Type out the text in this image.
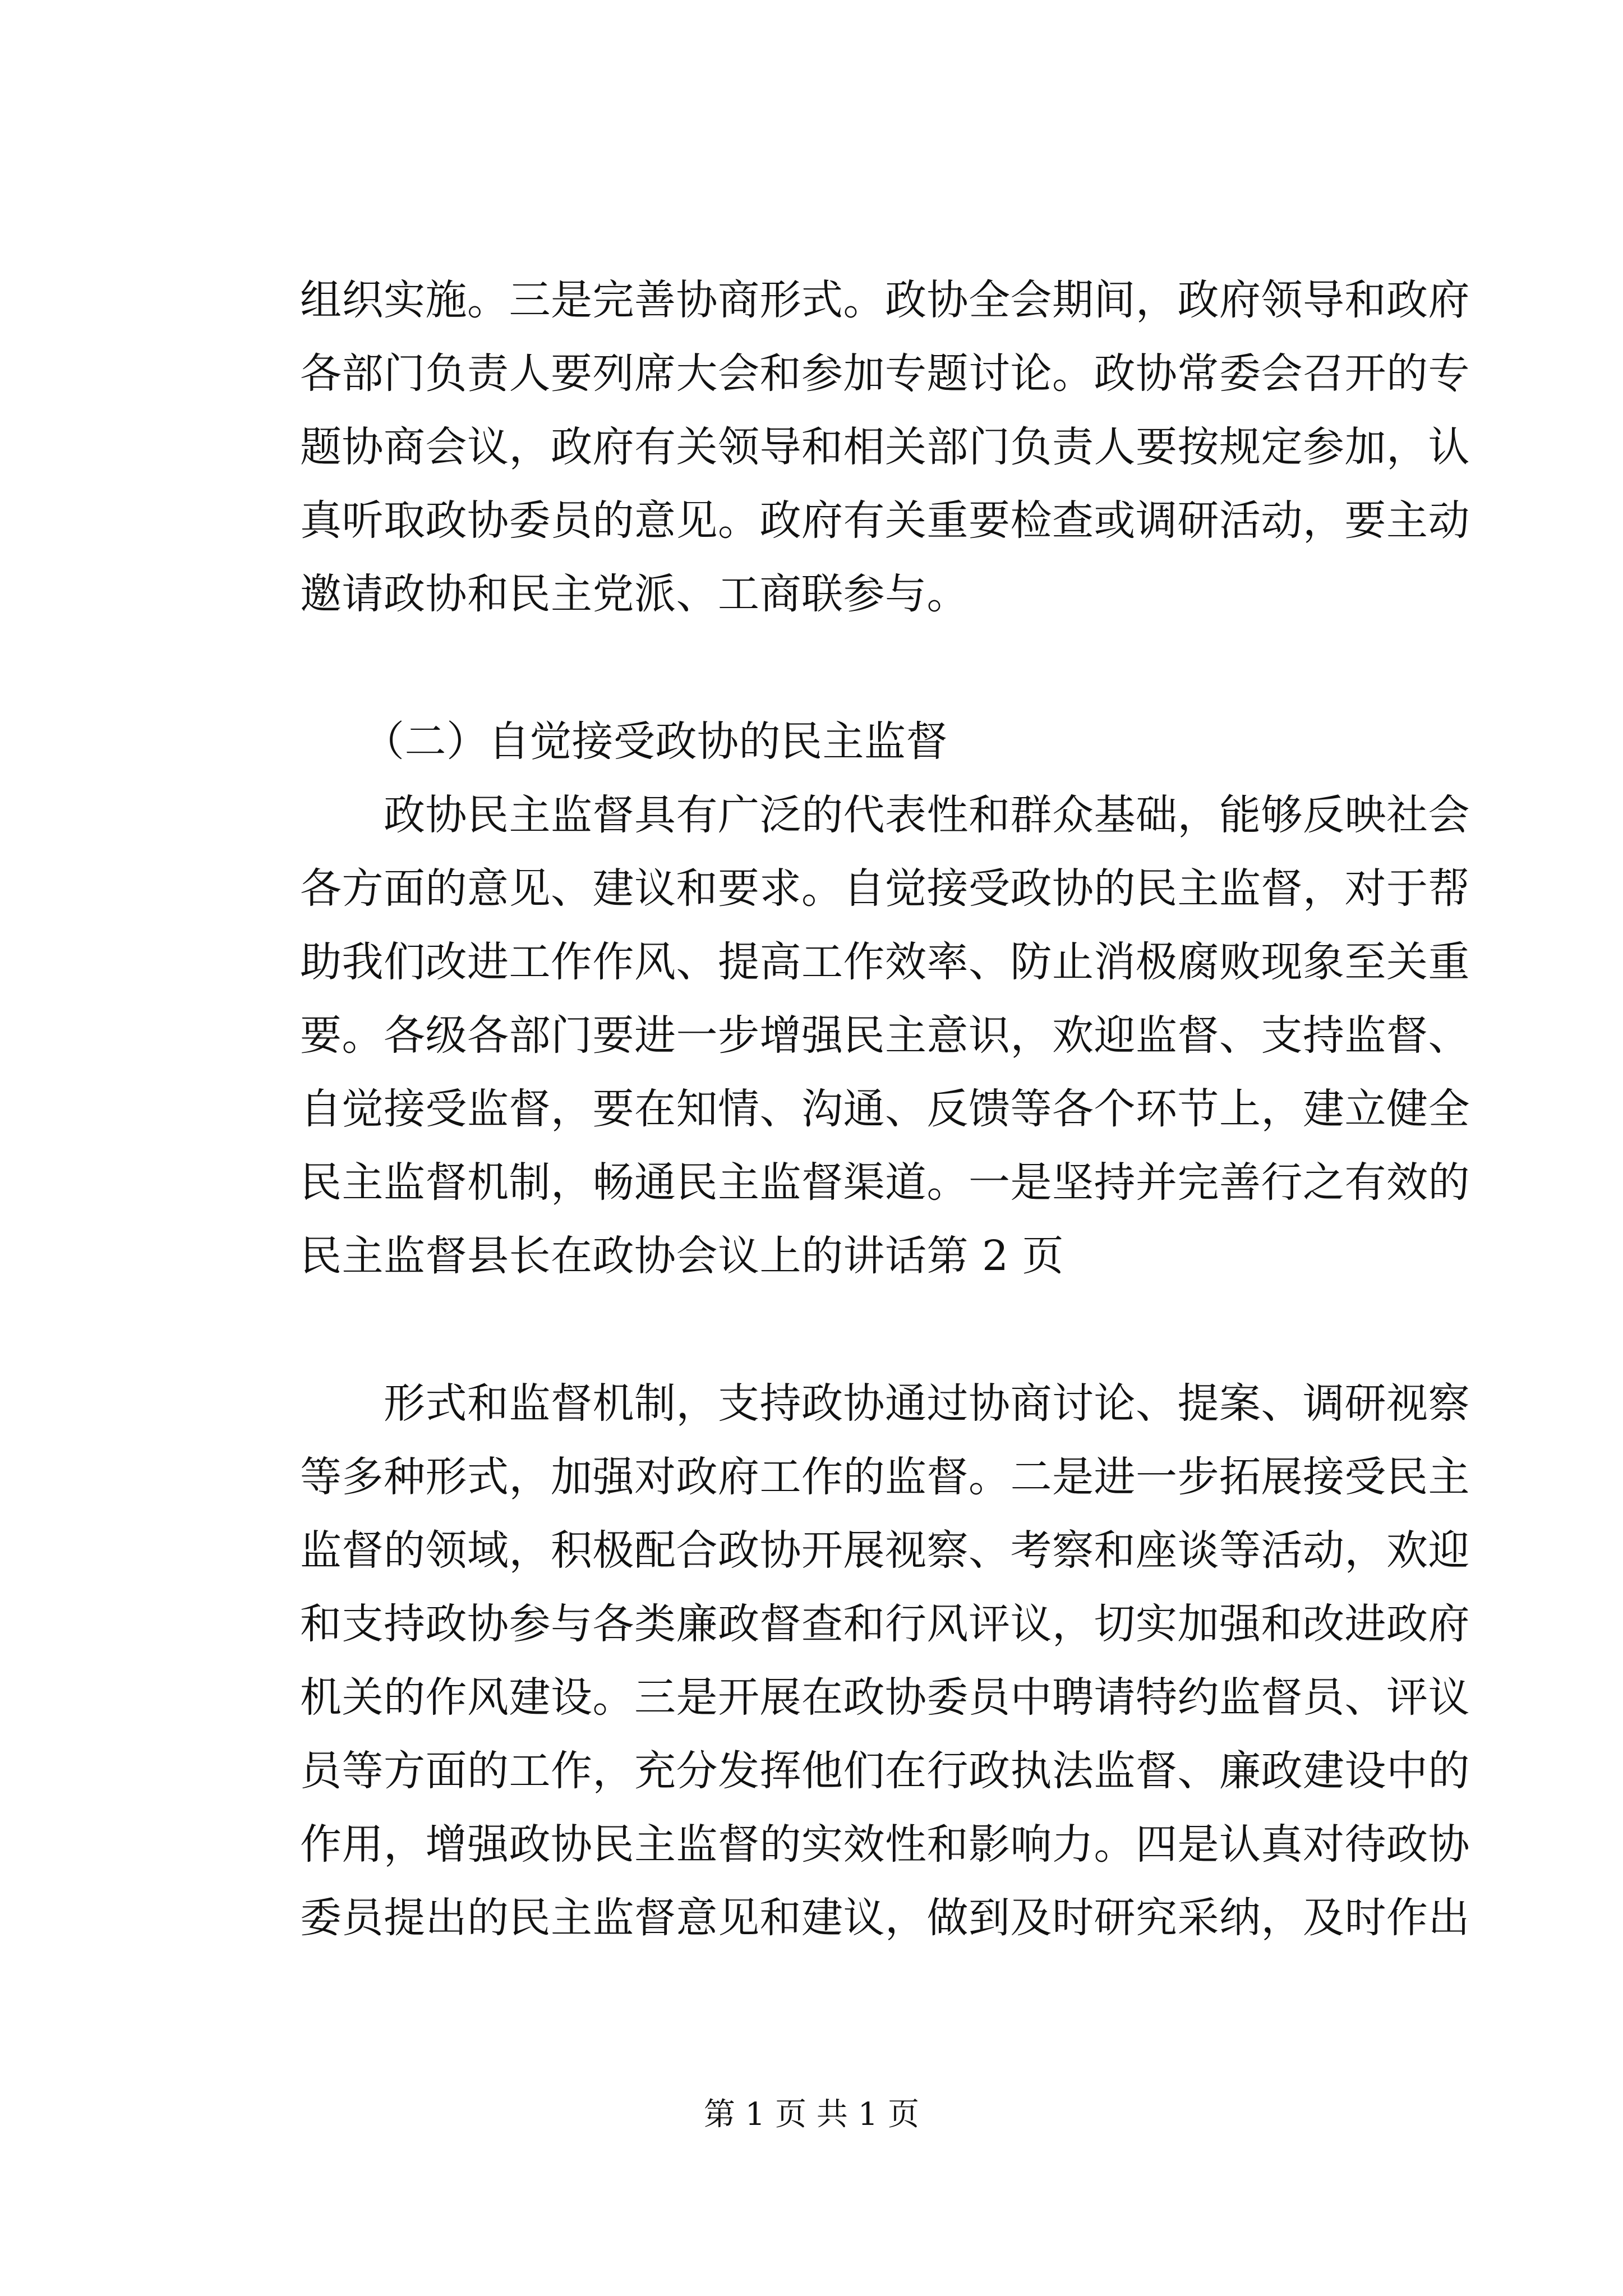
组织实施。三是完善协商形式。政协全会期间，政府领导和政府
各部门负责人要列席大会和参加专题讨论。政协常委会召开的专
题协商会议，政府有关领导和相关部门负责人要按规定参加，认
真听取政协委员的意见。政府有关重要检查或调研活动，要主动
邀请政协和民主党派、工商联参与。
　　（二）自觉接受政协的民主监督
　　政协民主监督具有广泛的代表性和群众基础，能够反映社会
各方面的意见、建议和要求。自觉接受政协的民主监督，对于帮
助我们改进工作作风、提高工作效率、防止消极腐败现象至关重
要。各级各部门要进一步增强民主意识，欢迎监督、支持监督、
自觉接受监督，要在知情、沟通、反馈等各个环节上，建立健全
民主监督机制，畅通民主监督渠道。一是坚持并完善行之有效的
民主监督县长在政协会议上的讲话第 2 页
　　形式和监督机制，支持政协通过协商讨论、提案、调研视察
等多种形式，加强对政府工作的监督。二是进一步拓展接受民主
监督的领域，积极配合政协开展视察、考察和座谈等活动，欢迎
和支持政协参与各类廉政督查和行风评议，切实加强和改进政府
机关的作风建设。三是开展在政协委员中聘请特约监督员、评议
员等方面的工作，充分发挥他们在行政执法监督、廉政建设中的
作用，增强政协民主监督的实效性和影响力。四是认真对待政协
委员提出的民主监督意见和建议，做到及时研究采纳，及时作出
第 1 页 共 1 页
